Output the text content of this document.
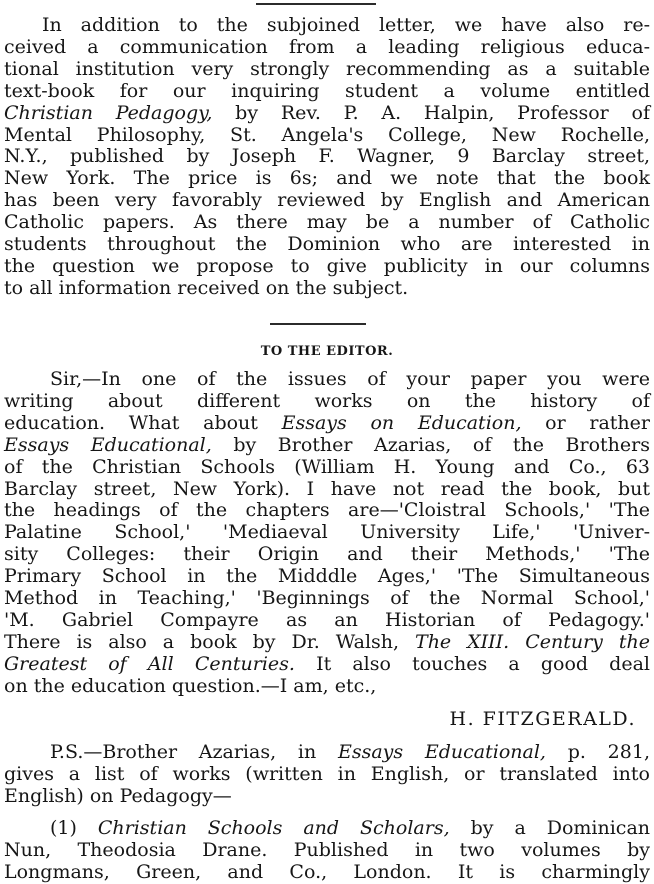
In addition to the subjoined letter, we have also re-
ceived a communication from a leading religious educa-
tional institution very strongly recommending as a suitable
text-book for our inquiring student a volume entitled
Christian Pedagogy, by Rev. P. A. Halpin, Professor of
Mental Philosophy, St. Angela's College, New Rochelle,
N.Y., published by Joseph F. Wagner, 9 Barclay street,
New York. The price is 6s; and we note that the book
has been very favorably reviewed by English and American
Catholic papers. As there may be a number of Catholic
students throughout the Dominion who are interested in
the question we propose to give publicity in our columns
to all information received on the subject.

TO THE EDITOR.

Sir,—In one of the issues of your paper you were
writing about different works on the history of
education. What about Essays on Education, or rather
Essays Educational, by Brother Azarias, of the Brothers
of the Christian Schools (William H. Young and Co., 63
Barclay street, New York). I have not read the book, but
the headings of the chapters are—'Cloistral Schools,' 'The
Palatine School,' 'Mediaeval University Life,' 'Univer-
sity Colleges: their Origin and their Methods,' 'The
Primary School in the Midddle Ages,' 'The Simultaneous
Method in Teaching,' 'Beginnings of the Normal School,'
'M. Gabriel Compayre as an Historian of Pedagogy.'
There is also a book by Dr. Walsh, The XIII. Century the
Greatest of All Centuries. It also touches a good deal
on the education question.—I am, etc.,

H. FITZGERALD.

P.S.—Brother Azarias, in Essays Educational, p. 281,
gives a list of works (written in English, or translated into
English) on Pedagogy—
(1) Christian Schools and Scholars, by a Dominican
Nun, Theodosia Drane. Published in two volumes by
Longmans, Green, and Co., London. It is charmingly
